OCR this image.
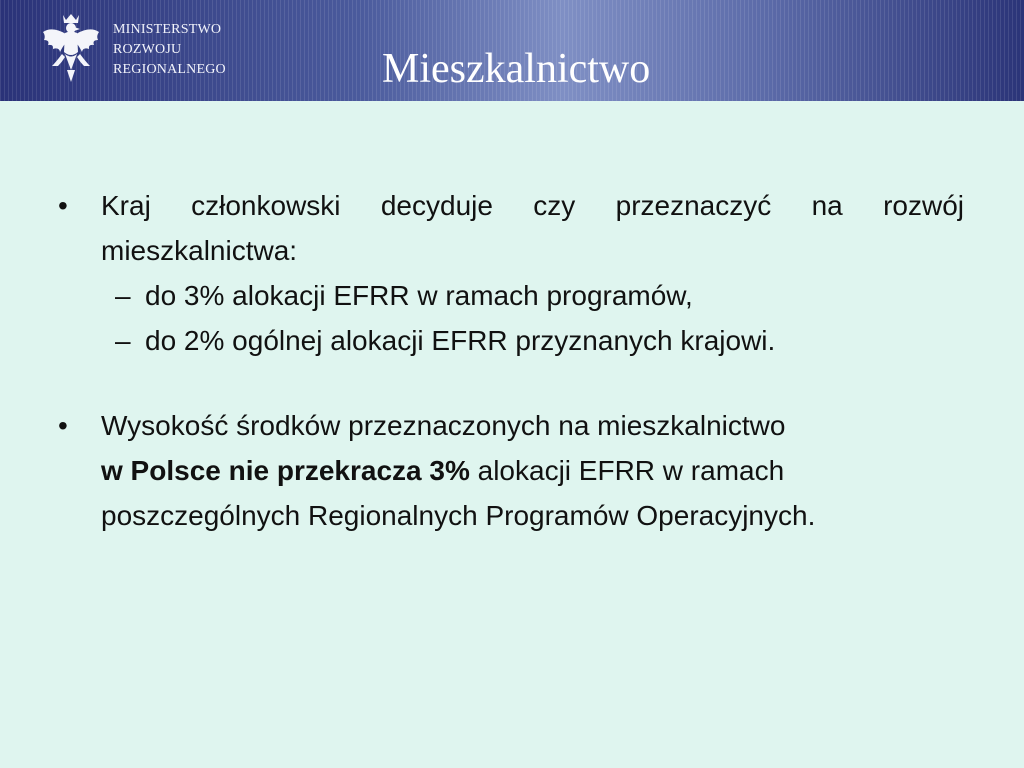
MINISTERSTWO
ROZWOJU
REGIONALNEGO	Mieszkalnictwo
• Kraj członkowski decyduje czy przeznaczyć na rozwój mieszkalnictwa:
– do 3% alokacji EFRR w ramach programów,
– do 2% ogólnej alokacji EFRR przyznanych krajowi.
• Wysokość środków przeznaczonych na mieszkalnictwo
w Polsce nie przekracza 3% alokacji EFRR w ramach poszczególnych Regionalnych Programów Operacyjnych.
